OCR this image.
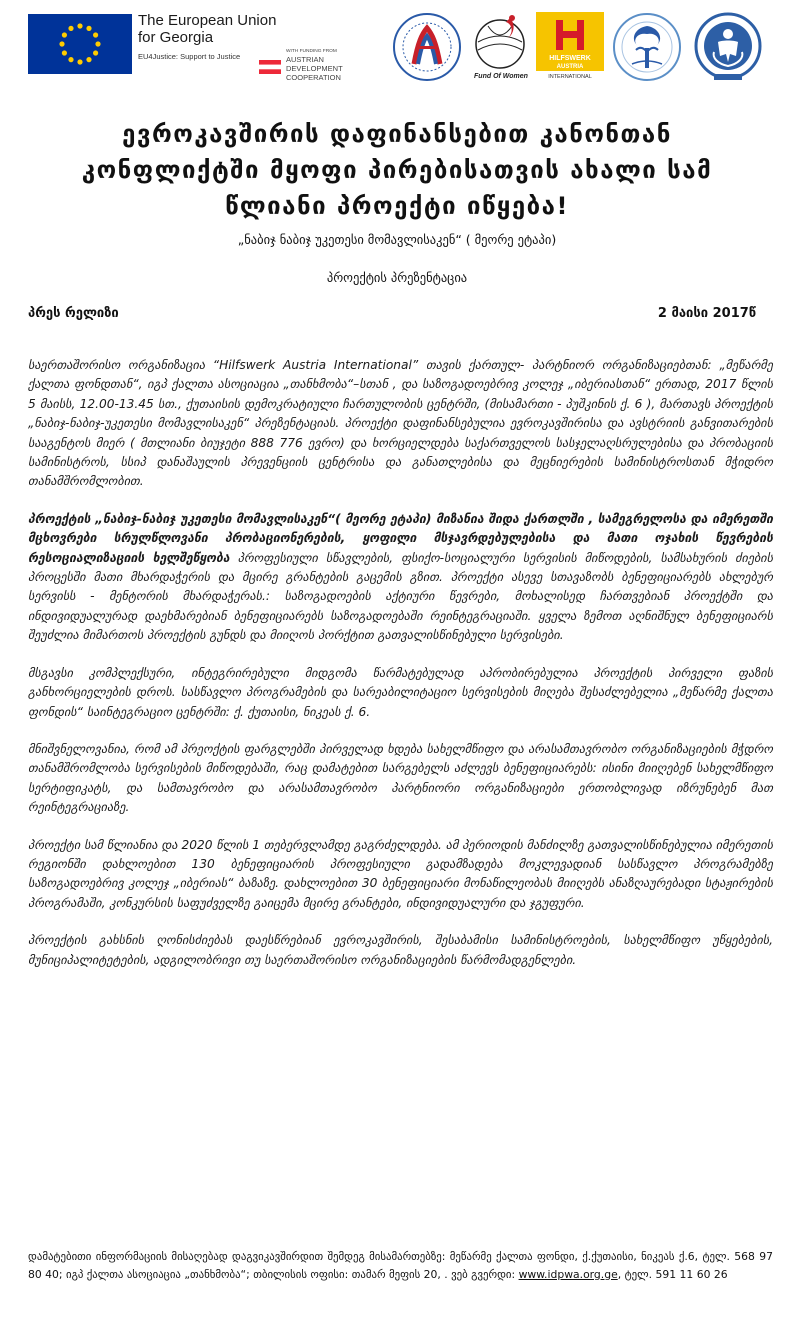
The European Union
for Georgia
EU4Justice: Support to Justice
WITH FUNDING FROM
AUSTRIAN
DEVELOPMENT
COOPERATION	Fund Of Women
HILFSWERK
AUSTRIA
INTERNATIONAL
ევროკავშირის დაფინანსებით კანონთან
კონფლიქტში მყოფი პირებისათვის ახალი სამ
წლიანი პროექტი იწყება!
„ნაბიჯ ნაბიჯ უკეთესი მომავლისაკენ“ ( მეორე ეტაპი)
პროექტის პრეზენტაცია
პრეს რელიზი	2 მაისი 2017წ

საერთაშორისო ორგანიზაცია “Hilfswerk Austria International” თავის ქართულ- პარტნიორ ორგანიზაციებთან: „მეწარმე ქალთა ფონდთან“, იგპ ქალთა ასოციაცია „თანხმობა“–სთან , და საზოგადოებრივ კოლეჯ „იბერიასთან“ ერთად, 2017 წლის 5 მაისს, 12.00-13.45 სთ., ქუთაისის დემოკრატიული ჩართულობის ცენტრში, (მისამართი - პუშკინის ქ. 6 ), მართავს პროექტის „ნაბიჯ-ნაბიჯ-უკეთესი მომავლისაკენ“ პრეზენტაციას. პროექტი დაფინანსებულია ევროკავშირისა და ავსტრიის განვითარების სააგენტოს მიერ ( მთლიანი ბიუჯეტი 888 776 ევრო) და ხორციელდება საქართველოს სასჯელაღსრულებისა და პრობაციის სამინისტროს, სსიპ დანაშაულის პრევენციის ცენტრისა და განათლებისა და მეცნიერების სამინისტროსთან მჭიდრო თანამშრომლობით.

პროექტის „ნაბიჯ-ნაბიჯ უკეთესი მომავლისაკენ“( მეორე ეტაპი) მიზანია შიდა ქართლში , სამეგრელოსა და იმერეთში მცხოვრები სრულწლოვანი პრობაციონერების, ყოფილი მსჯავრდებულებისა და მათი ოჯახის წევრების რესოციალიზაციის ხელშეწყობა პროფესიული სწავლების, ფსიქო-სოციალური სერვისის მიწოდების, სამსახურის ძიების პროცესში მათი მხარდაჭერის და მცირე გრანტების გაცემის გზით. პროექტი ასევე სთავაზობს ბენეფიციარებს ახლებურ სერვისს - მენტორის მხარდაჭერას.: საზოგადოების აქტიური წევრები, მოხალისედ ჩართვებიან პროექტში და ინდივიდუალურად დაეხმარებიან ბენეფიციარებს საზოგადოებაში რეინტეგრაციაში. ყველა ზემოთ აღნიშნულ ბენეფიციარს შეუძლია მიმართოს პროექტის გუნდს და მიიღოს პორქტით გათვალისწინებული სერვისები.

მსგავსი კომპლექსური, ინტეგრირებული მიდგომა წარმატებულად აპრობირებულია პროექტის პირველი ფაზის განხორციელების დროს. სასწავლო პროგრამების და სარეაბილიტაციო სერვისების მიღება შესაძლებელია „მეწარმე ქალთა ფონდის“ საინტეგრაციო ცენტრში: ქ. ქუთაისი, ნიკეას ქ. 6.

მნიშვნელოვანია, რომ ამ პრეოქტის ფარგლებში პირველად ხდება სახელმწიფო და არასამთავრობო ორგანიზაციების მჭდრო თანამშრომლობა სერვისების მიწოდებაში, რაც დამატებით სარგებელს აძლევს ბენეფიციარებს: ისინი მიიღებენ სახელმწიფო სერტიფიკატს, და სამთავრობო და არასამთავრობო პარტნიორი ორგანიზაციები ერთობლივად იზრუნებენ მათ რეინტეგრაციაზე.

პროექტი სამ წლიანია და 2020 წლის 1 თებერვლამდე გაგრძელდება. ამ პერიოდის მანძილზე გათვალისწინებულია იმერეთის რეგიონში დახლოებით 130 ბენეფიციარის პროფესიული გადამზადება მოკლევადიან სასწავლო პროგრამებზე საზოგადოებრივ კოლეჯ „იბერიას“ ბაზაზე. დახლოებით 30 ბენეფიციარი მონაწილეობას მიიღებს ანაზღაურებადი სტაჟირების პროგრამაში, კონკურსის საფუძველზე გაიცემა მცირე გრანტები, ინდივიდუალური და ჯგუფური.

პროექტის გახსნის ღონისძიებას დაესწრებიან ევროკავშირის, შესაბამისი სამინისტროების, სახელმწიფო უწყებების, მუნიციპალიტეტების, ადგილობრივი თუ საერთაშორისო ორგანიზაციების წარმომადგენლები.

დამატებითი ინფორმაციის მისაღებად დაგვიკავშირდით შემდეგ მისამართებზე: მეწარმე ქალთა ფონდი, ქ.ქუთაისი, ნიკეას ქ.6, ტელ. 568 97 80 40; იგპ ქალთა ასოციაცია „თანხმობა“; თბილისის ოფისი: თამარ მეფის 20, . ვებ გვერდი: www.idpwa.org.ge, ტელ. 591 11 60 26
